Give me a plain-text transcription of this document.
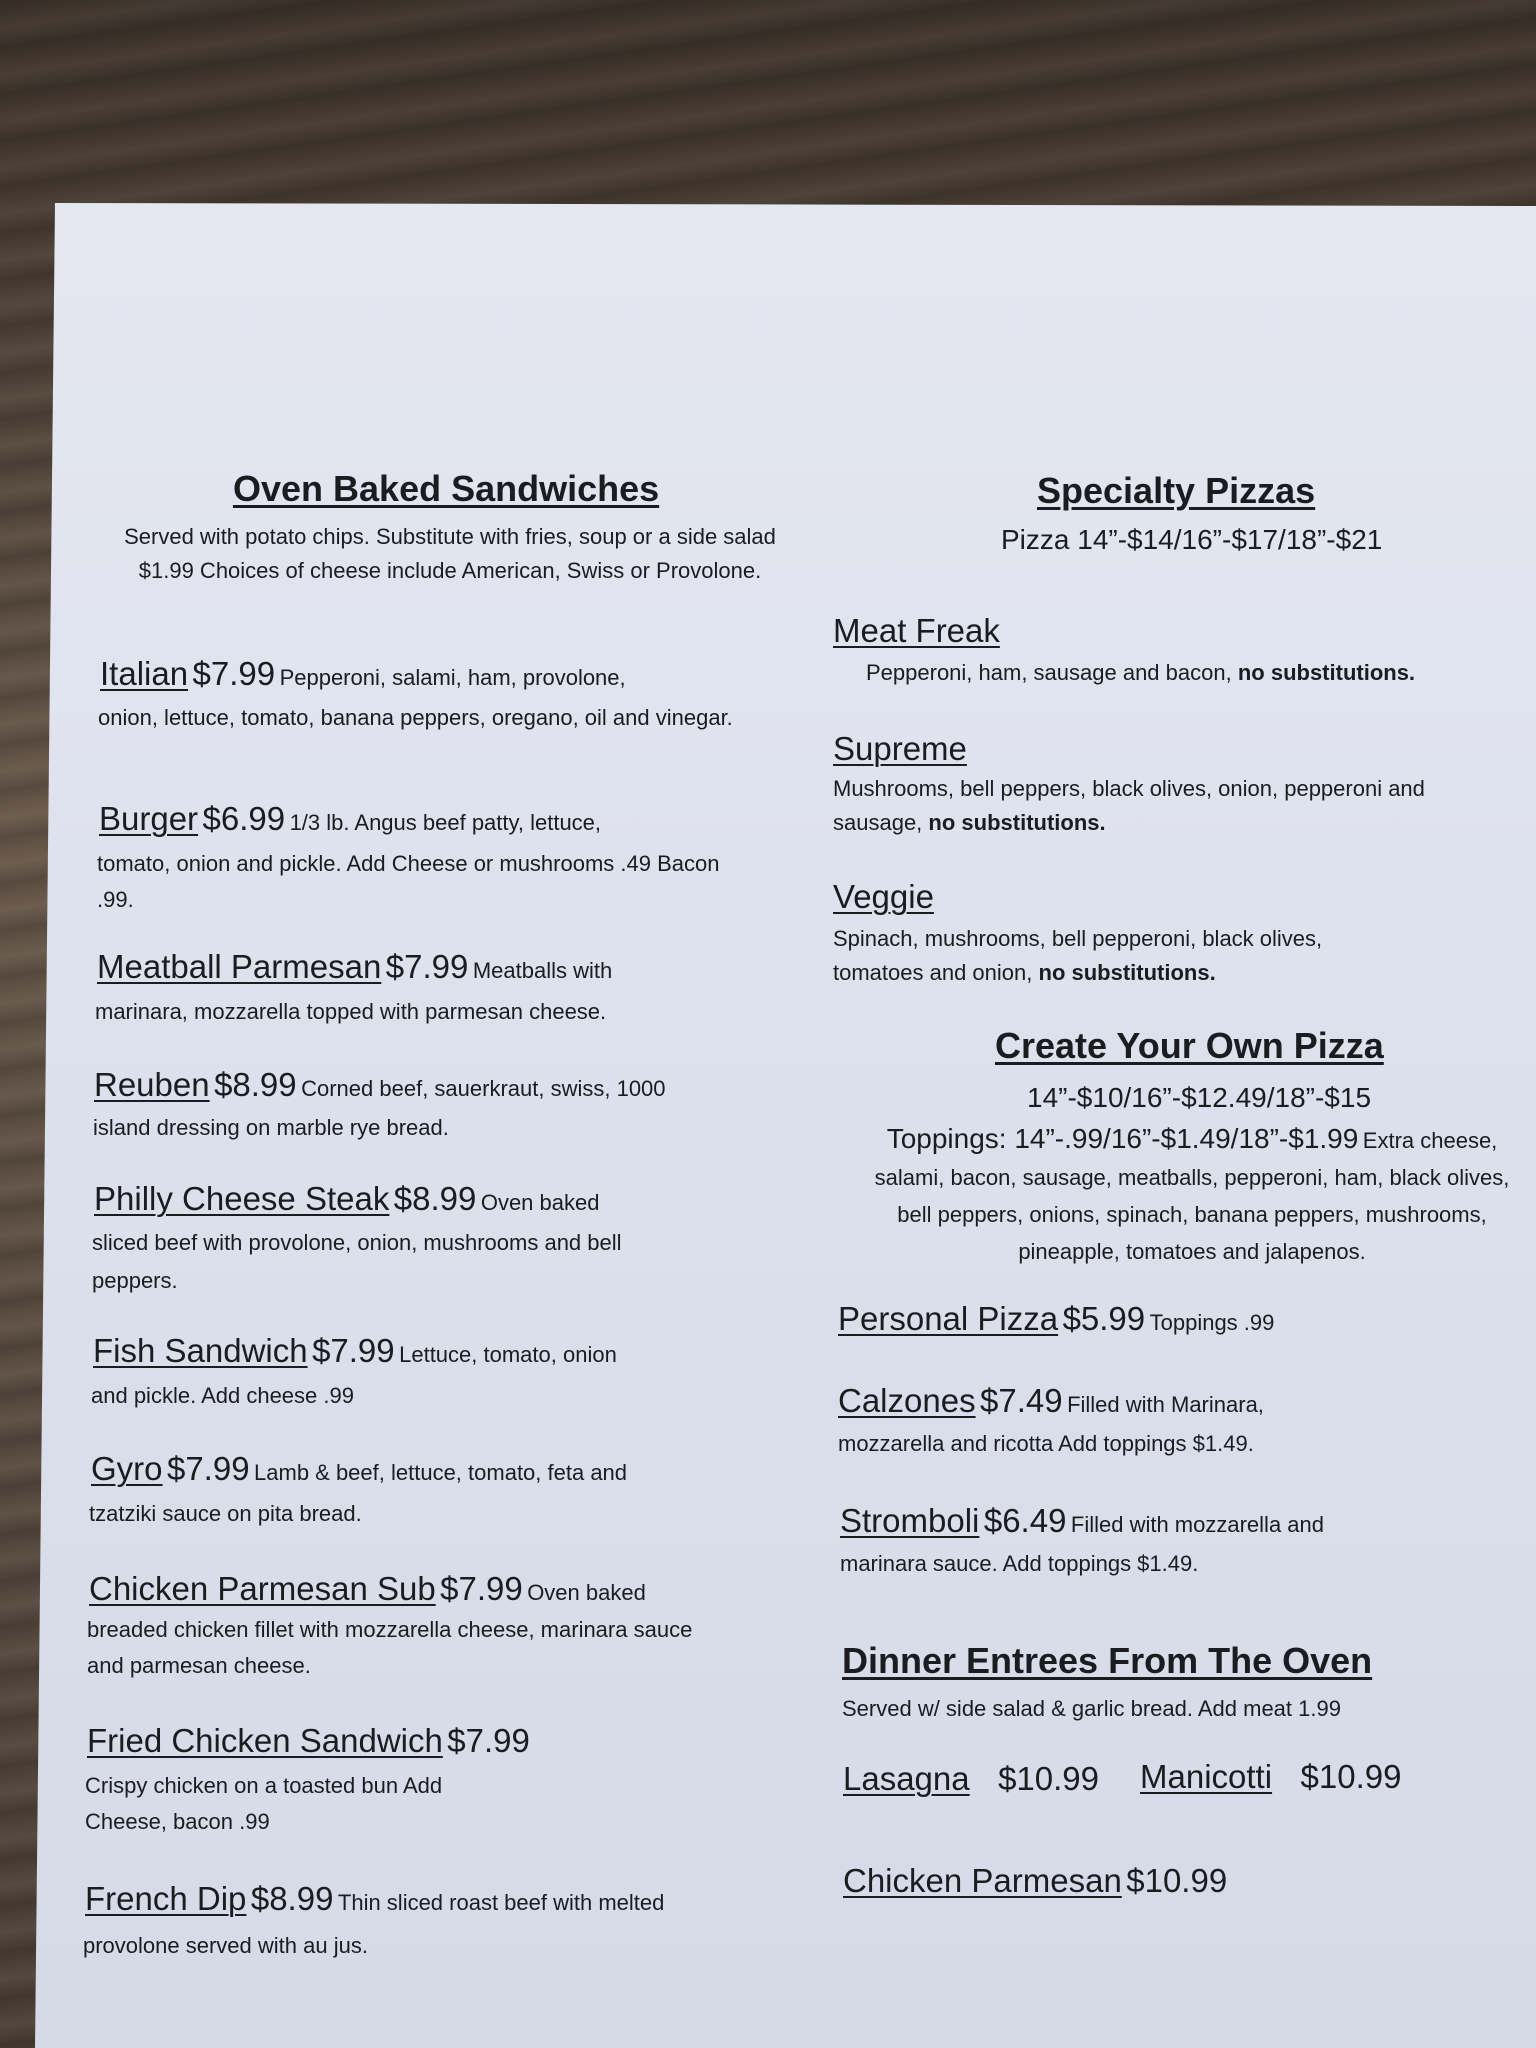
Oven Baked Sandwiches
Served with potato chips. Substitute with fries, soup or a side salad $1.99 Choices of cheese include American, Swiss or Provolone.
Italian $7.99 Pepperoni, salami, ham, provolone,
onion, lettuce, tomato, banana peppers, oregano, oil and vinegar.
Burger $6.99 1/3 lb. Angus beef patty, lettuce,
tomato, onion and pickle. Add Cheese or mushrooms .49 Bacon .99.
Meatball Parmesan $7.99 Meatballs with
marinara, mozzarella topped with parmesan cheese.
Reuben $8.99 Corned beef, sauerkraut, swiss, 1000
island dressing on marble rye bread.
Philly Cheese Steak $8.99 Oven baked
sliced beef with provolone, onion, mushrooms and bell peppers.
Fish Sandwich $7.99 Lettuce, tomato, onion
and pickle. Add cheese .99
Gyro $7.99 Lamb & beef, lettuce, tomato, feta and
tzatziki sauce on pita bread.
Chicken Parmesan Sub $7.99 Oven baked
breaded chicken fillet with mozzarella cheese, marinara sauce and parmesan cheese.
Fried Chicken Sandwich $7.99
Crispy chicken on a toasted bun Add Cheese, bacon .99
French Dip $8.99 Thin sliced roast beef with melted
provolone served with au jus.
Specialty Pizzas
Pizza 14”-$14/16”-$17/18”-$21
Meat Freak
Pepperoni, ham, sausage and bacon, no substitutions.
Supreme
Mushrooms, bell peppers, black olives, onion, pepperoni and sausage, no substitutions.
Veggie
Spinach, mushrooms, bell pepperoni, black olives, tomatoes and onion, no substitutions.
Create Your Own Pizza
14”-$10/16”-$12.49/18”-$15
Toppings: 14”-.99/16”-$1.49/18”-$1.99 Extra cheese, salami, bacon, sausage, meatballs, pepperoni, ham, black olives, bell peppers, onions, spinach, banana peppers, mushrooms, pineapple, tomatoes and jalapenos.
Personal Pizza $5.99 Toppings .99
Calzones $7.49 Filled with Marinara,
mozzarella and ricotta Add toppings $1.49.
Stromboli $6.49 Filled with mozzarella and
marinara sauce. Add toppings $1.49.
Dinner Entrees From The Oven
Served w/ side salad & garlic bread. Add meat 1.99
Lasagna $10.99 Manicotti $10.99
Chicken Parmesan $10.99
